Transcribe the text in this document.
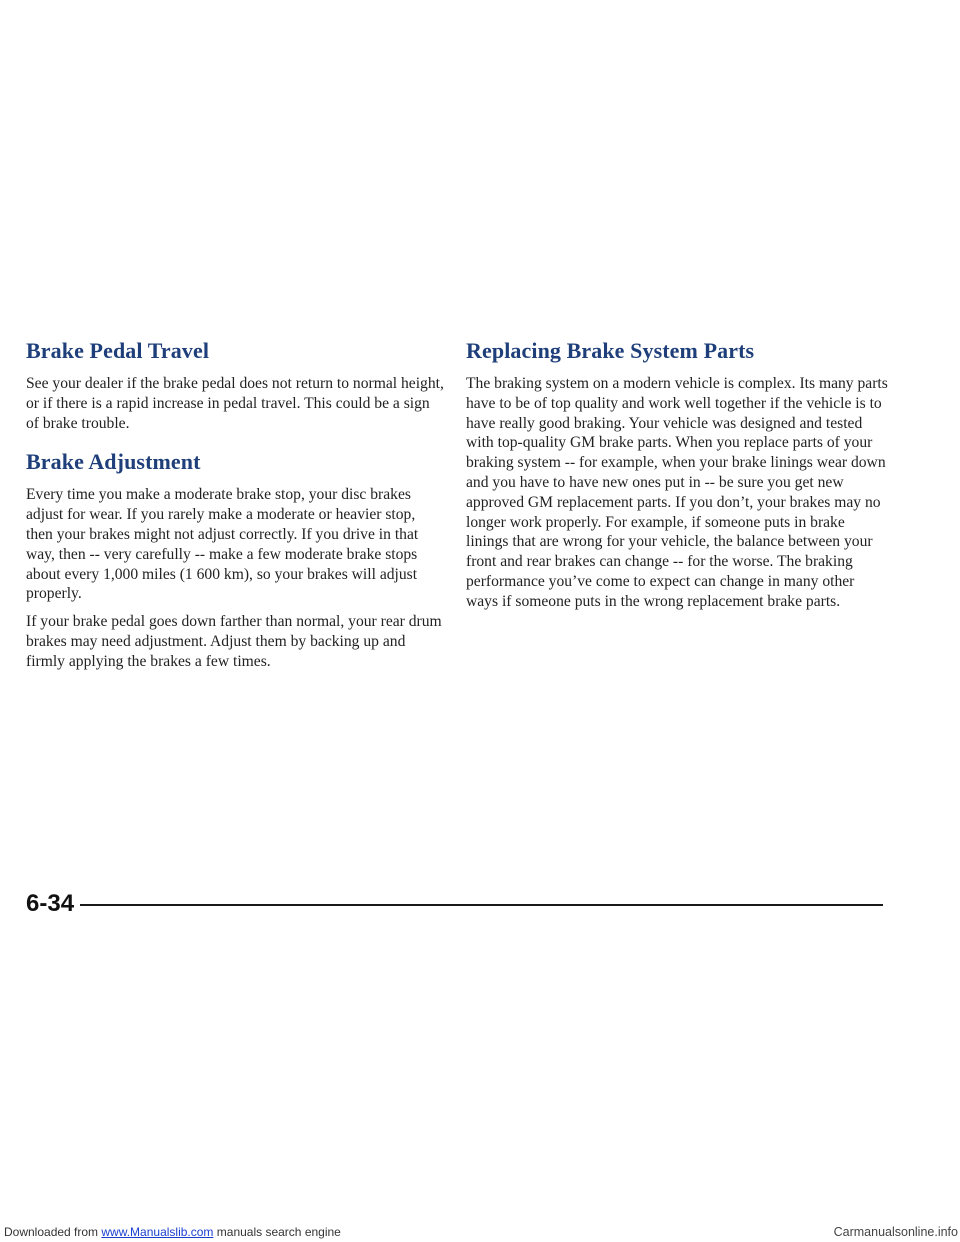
Brake Pedal Travel

See your dealer if the brake pedal does not return to normal height, or if there is a rapid increase in pedal travel. This could be a sign of brake trouble.

Brake Adjustment

Every time you make a moderate brake stop, your disc brakes adjust for wear. If you rarely make a moderate or heavier stop, then your brakes might not adjust correctly. If you drive in that way, then -- very carefully -- make a few moderate brake stops about every 1,000 miles (1 600 km), so your brakes will adjust properly.

If your brake pedal goes down farther than normal, your rear drum brakes may need adjustment. Adjust them by backing up and firmly applying the brakes a few times.

Replacing Brake System Parts

The braking system on a modern vehicle is complex. Its many parts have to be of top quality and work well together if the vehicle is to have really good braking. Your vehicle was designed and tested with top-quality GM brake parts. When you replace parts of your braking system -- for example, when your brake linings wear down and you have to have new ones put in -- be sure you get new approved GM replacement parts. If you don’t, your brakes may no longer work properly. For example, if someone puts in brake linings that are wrong for your vehicle, the balance between your front and rear brakes can change -- for the worse. The braking performance you’ve come to expect can change in many other ways if someone puts in the wrong replacement brake parts.

6-34
Downloaded from www.Manualslib.com manuals search engine	Carmanualsonline.info
